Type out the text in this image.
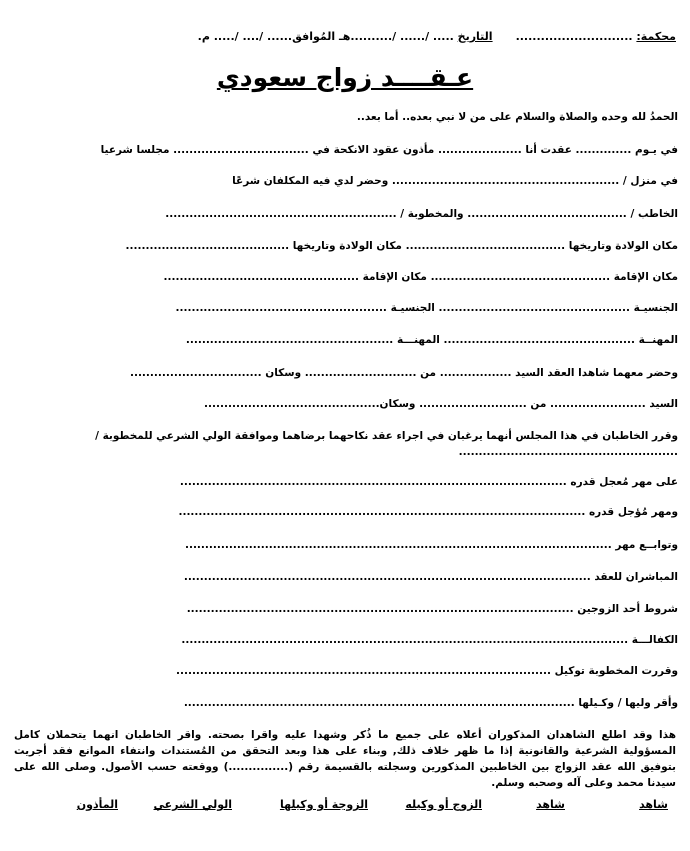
محكمة: ............................      التاريخ ..... /...... /..........هـ المُوافق...... /.... /..... م.
عـقــــد زواج سعودي
الحمدُ لله وحده والصلاة والسلام على من لا نبي بعده.. أما بعد..
في يـوم .............. عقدت أنا ..................... مأذون عقود الانكحة في .................................. مجلسا شرعيا
في منزل / ......................................................... وحضر لدي فيه المكلفان شرعًا
الخاطب / ........................................ والمخطوبة / ..........................................................
مكان الولادة وتاريخها ........................................ مكان الولادة وتاريخها .........................................
مكان الإقامة ............................................. مكان الإقامة .................................................
الجنسيـة ................................................ الجنسيـة .....................................................
المهنــة ................................................ المهنـــة ....................................................
وحضر معهما شاهدا العقد السيد .................. من ............................ وسكان .................................
السيد ........................ من ........................... وسكان............................................
وقرر الخاطبان في هذا المجلس أنهما يرغبان في اجراء عقد نكاحهما برضاهما وموافقة الولي الشرعي للمخطوبة /
.......................................................
على مهر مُعجل قدره .................................................................................................
ومهر مُؤجل قدره ......................................................................................................
وتوابــع مهر ...........................................................................................................
المباشران للعقد ......................................................................................................
شروط أحد الزوجين .................................................................................................
الكفالـــة ................................................................................................................
وقررت المخطوبة توكيل ..............................................................................................
وأقر وليها / وكـيلها ..................................................................................................
هذا وقد اطلع الشاهدان المذكوران أعلاه على جميع ما ذُكر وشهدا عليه واقرا بصحته. واقر الخاطبان انهما يتحملان كامل المسؤولية الشرعية والقانونية إذا ما ظهر خلاف ذلك, وبناء على هذا وبعد التحقق من المُستندات وانتفاء الموانع فقد أجريت بتوفيق الله عقد الزواج بين الخاطبين المذكورين وسجلته بالقسيمة رقم (...............) ووقعته حسب الأصول. وصلى الله على سيدنا محمد وعلى آله وصحبه وسلم.
شاهد
شاهد
الزوج أو وكيله
الزوجة أو وكيلها
الولي الشرعي
المأذون
